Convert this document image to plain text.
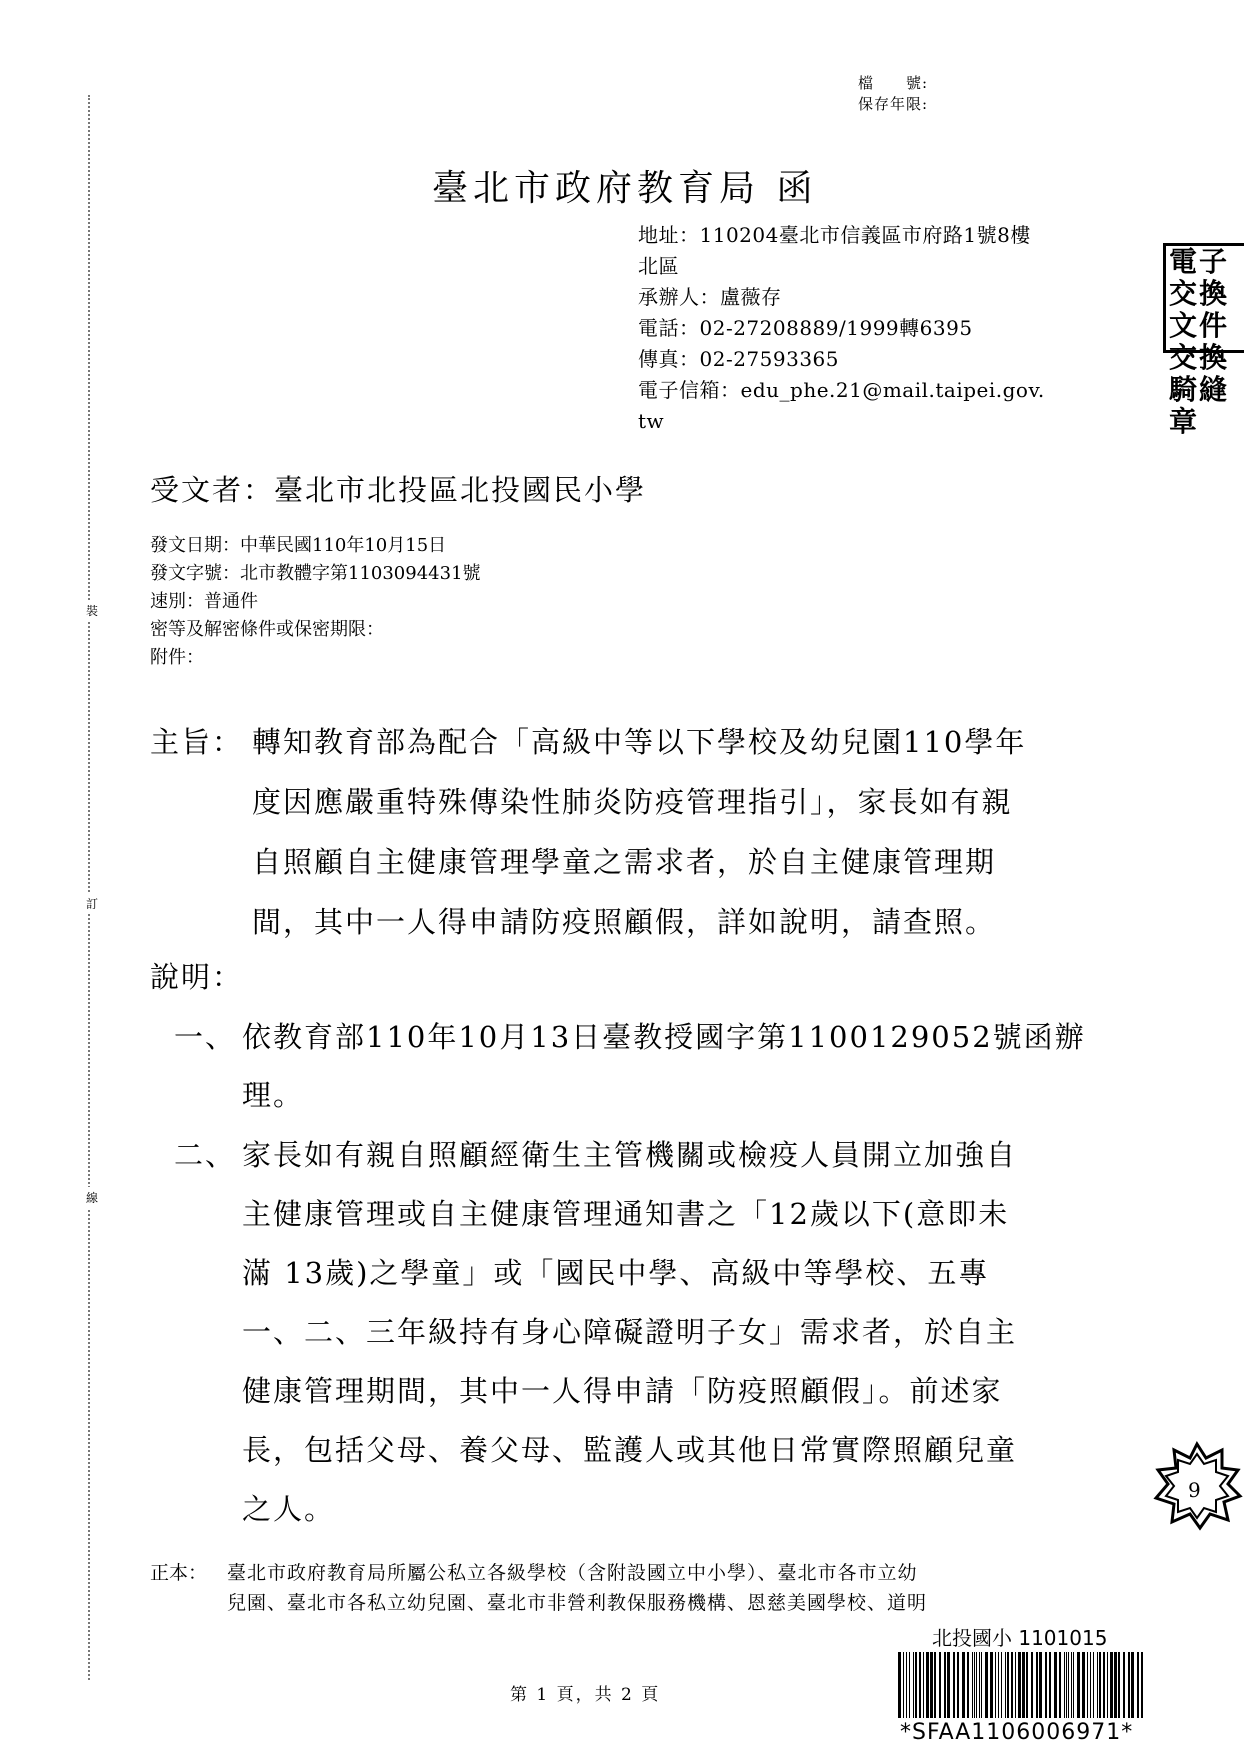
裝
訂
線
檔　　號:
保存年限:
臺北市政府教育局 函
地址：110204臺北市信義區市府路1號8樓
北區
承辦人：盧薇存
電話：02-27208889/1999轉6395
傳真：02-27593365
電子信箱：edu_phe.21@mail.taipei.gov.
tw
電子交換
文件交換
騎縫章
受文者：臺北市北投區北投國民小學
發文日期：中華民國110年10月15日
發文字號：北市教體字第1103094431號
速別：普通件
密等及解密條件或保密期限：
附件：
主旨： 轉知教育部為配合「高級中等以下學校及幼兒園110學年
度因應嚴重特殊傳染性肺炎防疫管理指引」，家長如有親
自照顧自主健康管理學童之需求者，於自主健康管理期
間，其中一人得申請防疫照顧假，詳如說明，請查照。
說明：
一、 依教育部110年10月13日臺教授國字第1100129052號函辦
理。
二、 家長如有親自照顧經衛生主管機關或檢疫人員開立加強自
主健康管理或自主健康管理通知書之「12歲以下(意即未
滿 13歲)之學童」或「國民中學、高級中等學校、五專
一、二、三年級持有身心障礙證明子女」需求者，於自主
健康管理期間，其中一人得申請「防疫照顧假」。前述家
長，包括父母、養父母、監護人或其他日常實際照顧兒童
之人。
9
正本： 臺北市政府教育局所屬公私立各級學校（含附設國立中小學）、臺北市各市立幼
兒園、臺北市各私立幼兒園、臺北市非營利教保服務機構、恩慈美國學校、道明
北投國小 1101015
*SFAA1106006971*
第 1 頁，共 2 頁
